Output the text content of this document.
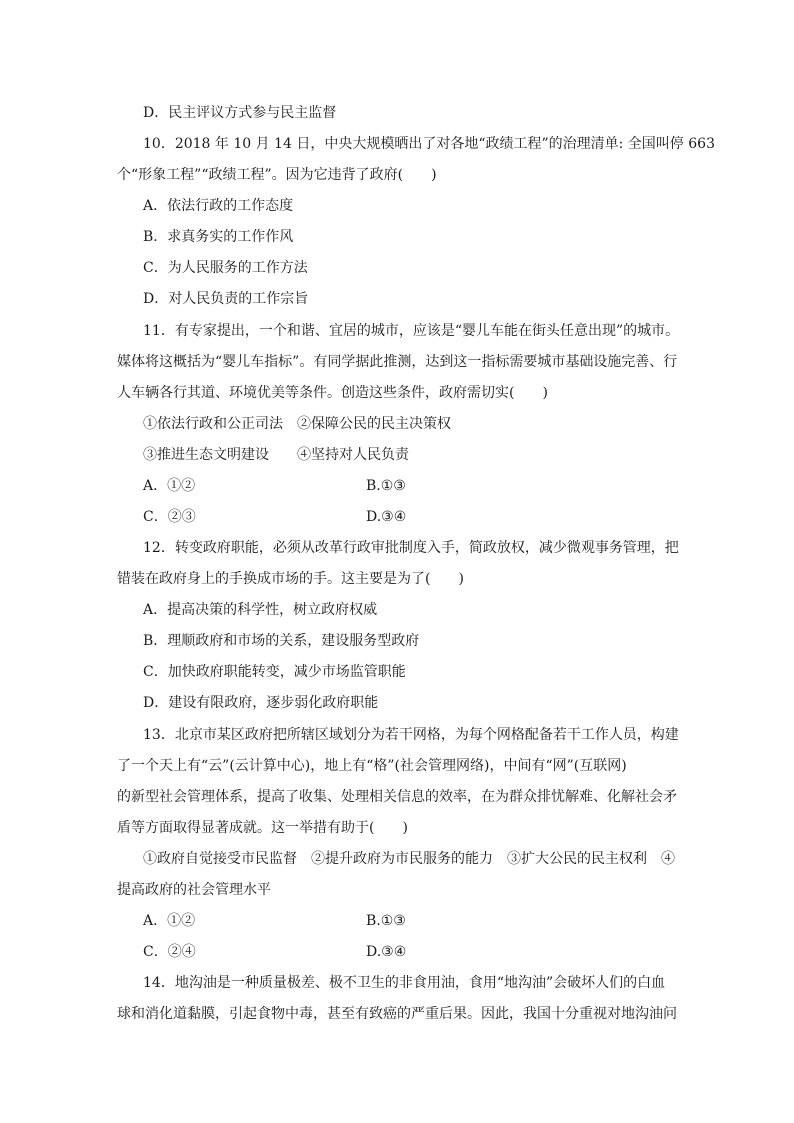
D．民主评议方式参与民主监督
10．2018 年 10 月 14 日，中央大规模晒出了对各地“政绩工程”的治理清单: 全国叫停 663
个“形象工程”“政绩工程”。因为它违背了政府(　　)
A．依法行政的工作态度
B．求真务实的工作作风
C．为人民服务的工作方法
D．对人民负责的工作宗旨
11．有专家提出，一个和谐、宜居的城市，应该是“婴儿车能在街头任意出现”的城市。
媒体将这概括为“婴儿车指标”。有同学据此推测，达到这一指标需要城市基础设施完善、行
人车辆各行其道、环境优美等条件。创造这些条件，政府需切实(　　)
①依法行政和公正司法　②保障公民的民主决策权
③推进生态文明建设　　④坚持对人民负责
A．①②	B.①③
C．②③	D.③④
12．转变政府职能，必须从改革行政审批制度入手，简政放权，减少微观事务管理，把
错装在政府身上的手换成市场的手。这主要是为了(　　)
A．提高决策的科学性，树立政府权威
B．理顺政府和市场的关系，建设服务型政府
C．加快政府职能转变，减少市场监管职能
D．建设有限政府，逐步弱化政府职能
13．北京市某区政府把所辖区域划分为若干网格，为每个网格配备若干工作人员，构建
了一个天上有“云”(云计算中心)，地上有“格”(社会管理网络)，中间有“网”(互联网)
的新型社会管理体系，提高了收集、处理相关信息的效率，在为群众排忧解难、化解社会矛
盾等方面取得显著成就。这一举措有助于(　　)
①政府自觉接受市民监督　②提升政府为市民服务的能力　③扩大公民的民主权利　④
提高政府的社会管理水平
A．①②	B.①③
C．②④	D.③④
14．地沟油是一种质量极差、极不卫生的非食用油，食用“地沟油”会破坏人们的白血
球和消化道黏膜，引起食物中毒，甚至有致癌的严重后果。因此，我国十分重视对地沟油问
